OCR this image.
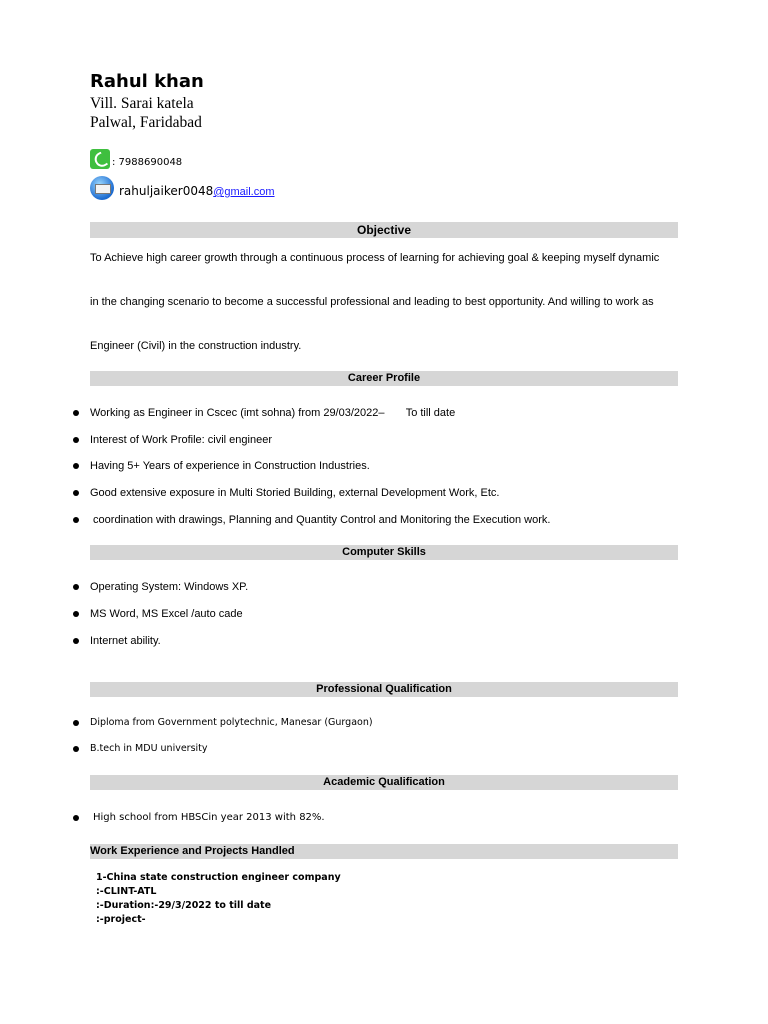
Rahul khan
Vill. Sarai katela
Palwal, Faridabad
: 7988690048
rahuljaiker0048@gmail.com
Objective
To Achieve high career growth through a continuous process of learning for achieving goal & keeping myself dynamic
in the changing scenario to become a successful professional and leading to best opportunity. And willing to work as
Engineer (Civil) in the construction industry.
Career Profile
Working as Engineer in Cscec (imt sohna) from 29/03/2022–       To till date
Interest of Work Profile: civil engineer
Having 5+ Years of experience in Construction Industries.
Good extensive exposure in Multi Storied Building, external Development Work, Etc.
coordination with drawings, Planning and Quantity Control and Monitoring the Execution work.
Computer Skills
Operating System: Windows XP.
MS Word, MS Excel /auto cade
Internet ability.
Professional Qualification
Diploma from Government polytechnic, Manesar (Gurgaon)
B.tech in MDU university
Academic Qualification
High school from HBSCin year 2013 with 82%.
Work Experience and Projects Handled
1-China state construction engineer company
:-CLINT-ATL
:-Duration:-29/3/2022 to till date
:-project-
